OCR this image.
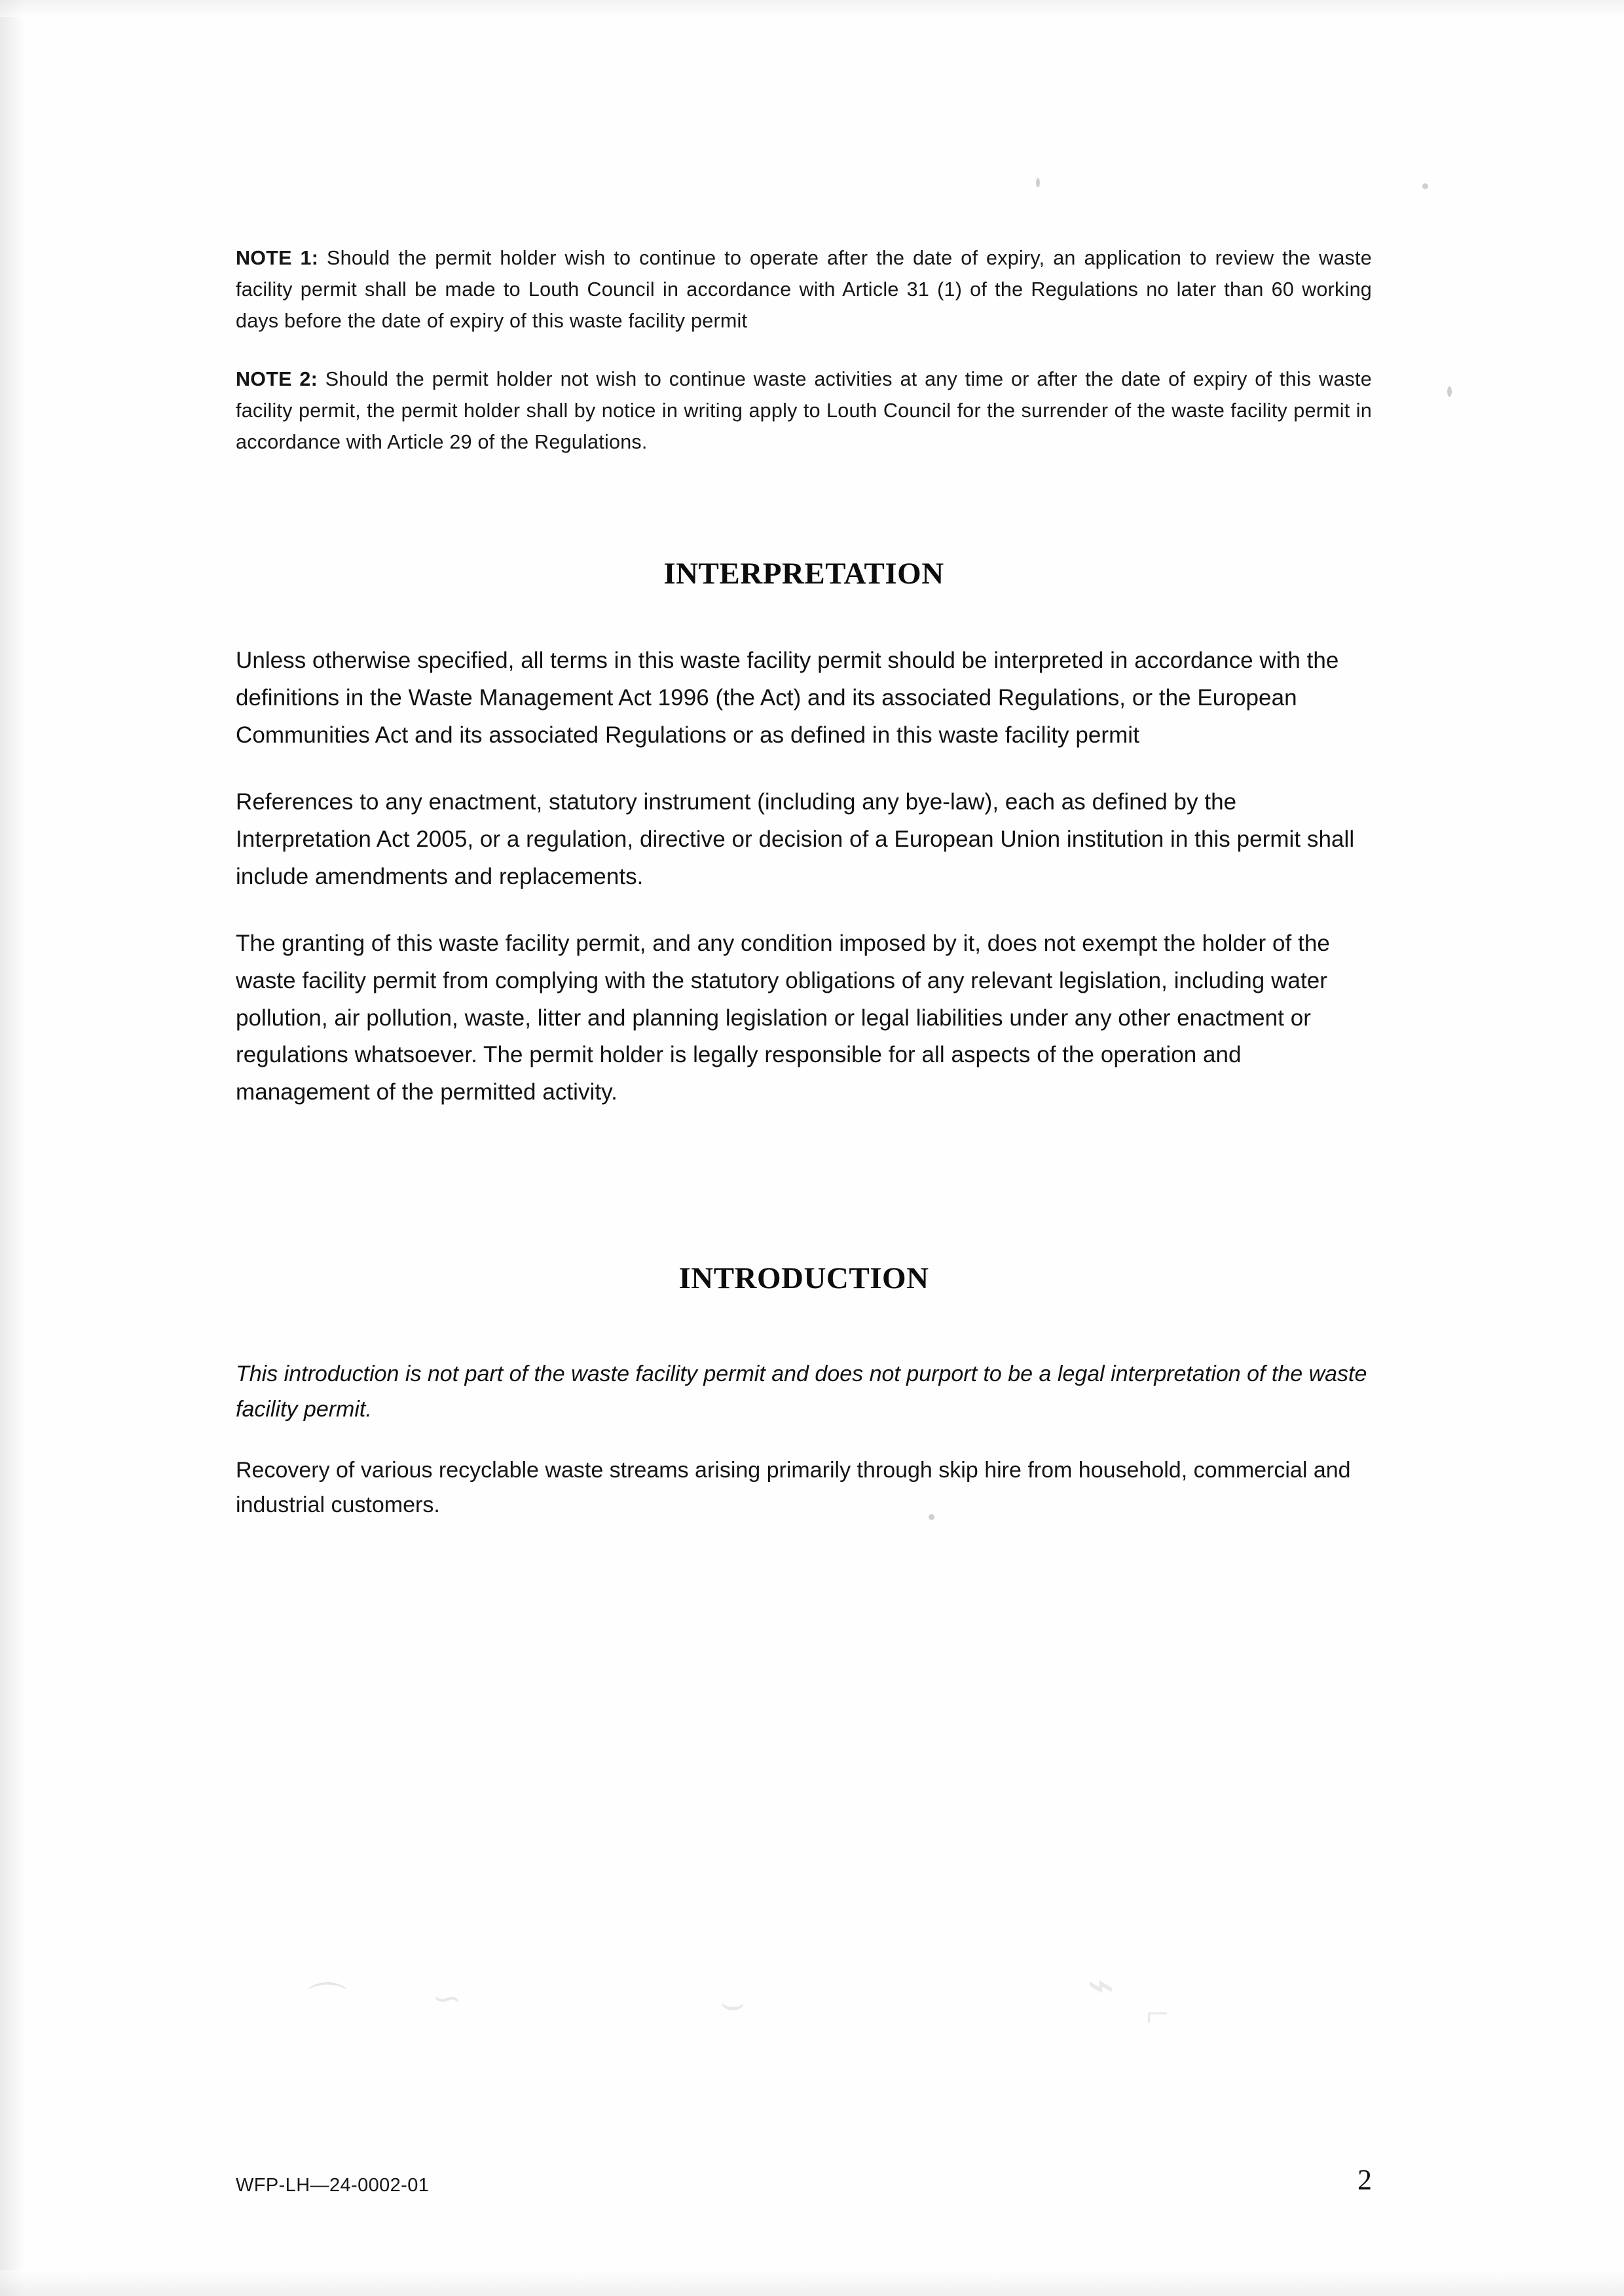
⌒ ∽	⌣	⌁
⌐

NOTE 1: Should the permit holder wish to continue to operate after the date of expiry, an application to review the waste facility permit shall be made to Louth Council in accordance with Article 31 (1) of the Regulations no later than 60 working days before the date of expiry of this waste facility permit

NOTE 2: Should the permit holder not wish to continue waste activities at any time or after the date of expiry of this waste facility permit, the permit holder shall by notice in writing apply to Louth Council for the surrender of the waste facility permit in accordance with Article 29 of the Regulations.

INTERPRETATION

Unless otherwise specified, all terms in this waste facility permit should be interpreted in accordance with the definitions in the Waste Management Act 1996 (the Act) and its associated Regulations, or the European Communities Act and its associated Regulations or as defined in this waste facility permit

References to any enactment, statutory instrument (including any bye-law), each as defined by the Interpretation Act 2005, or a regulation, directive or decision of a European Union institution in this permit shall include amendments and replacements.

The granting of this waste facility permit, and any condition imposed by it, does not exempt the holder of the waste facility permit from complying with the statutory obligations of any relevant legislation, including water pollution, air pollution, waste, litter and planning legislation or legal liabilities under any other enactment or regulations whatsoever. The permit holder is legally responsible for all aspects of the operation and management of the permitted activity.

INTRODUCTION

This introduction is not part of the waste facility permit and does not purport to be a legal interpretation of the waste facility permit.

Recovery of various recyclable waste streams arising primarily through skip hire from household, commercial and industrial customers.

WFP-LH—24-0002-01	2
